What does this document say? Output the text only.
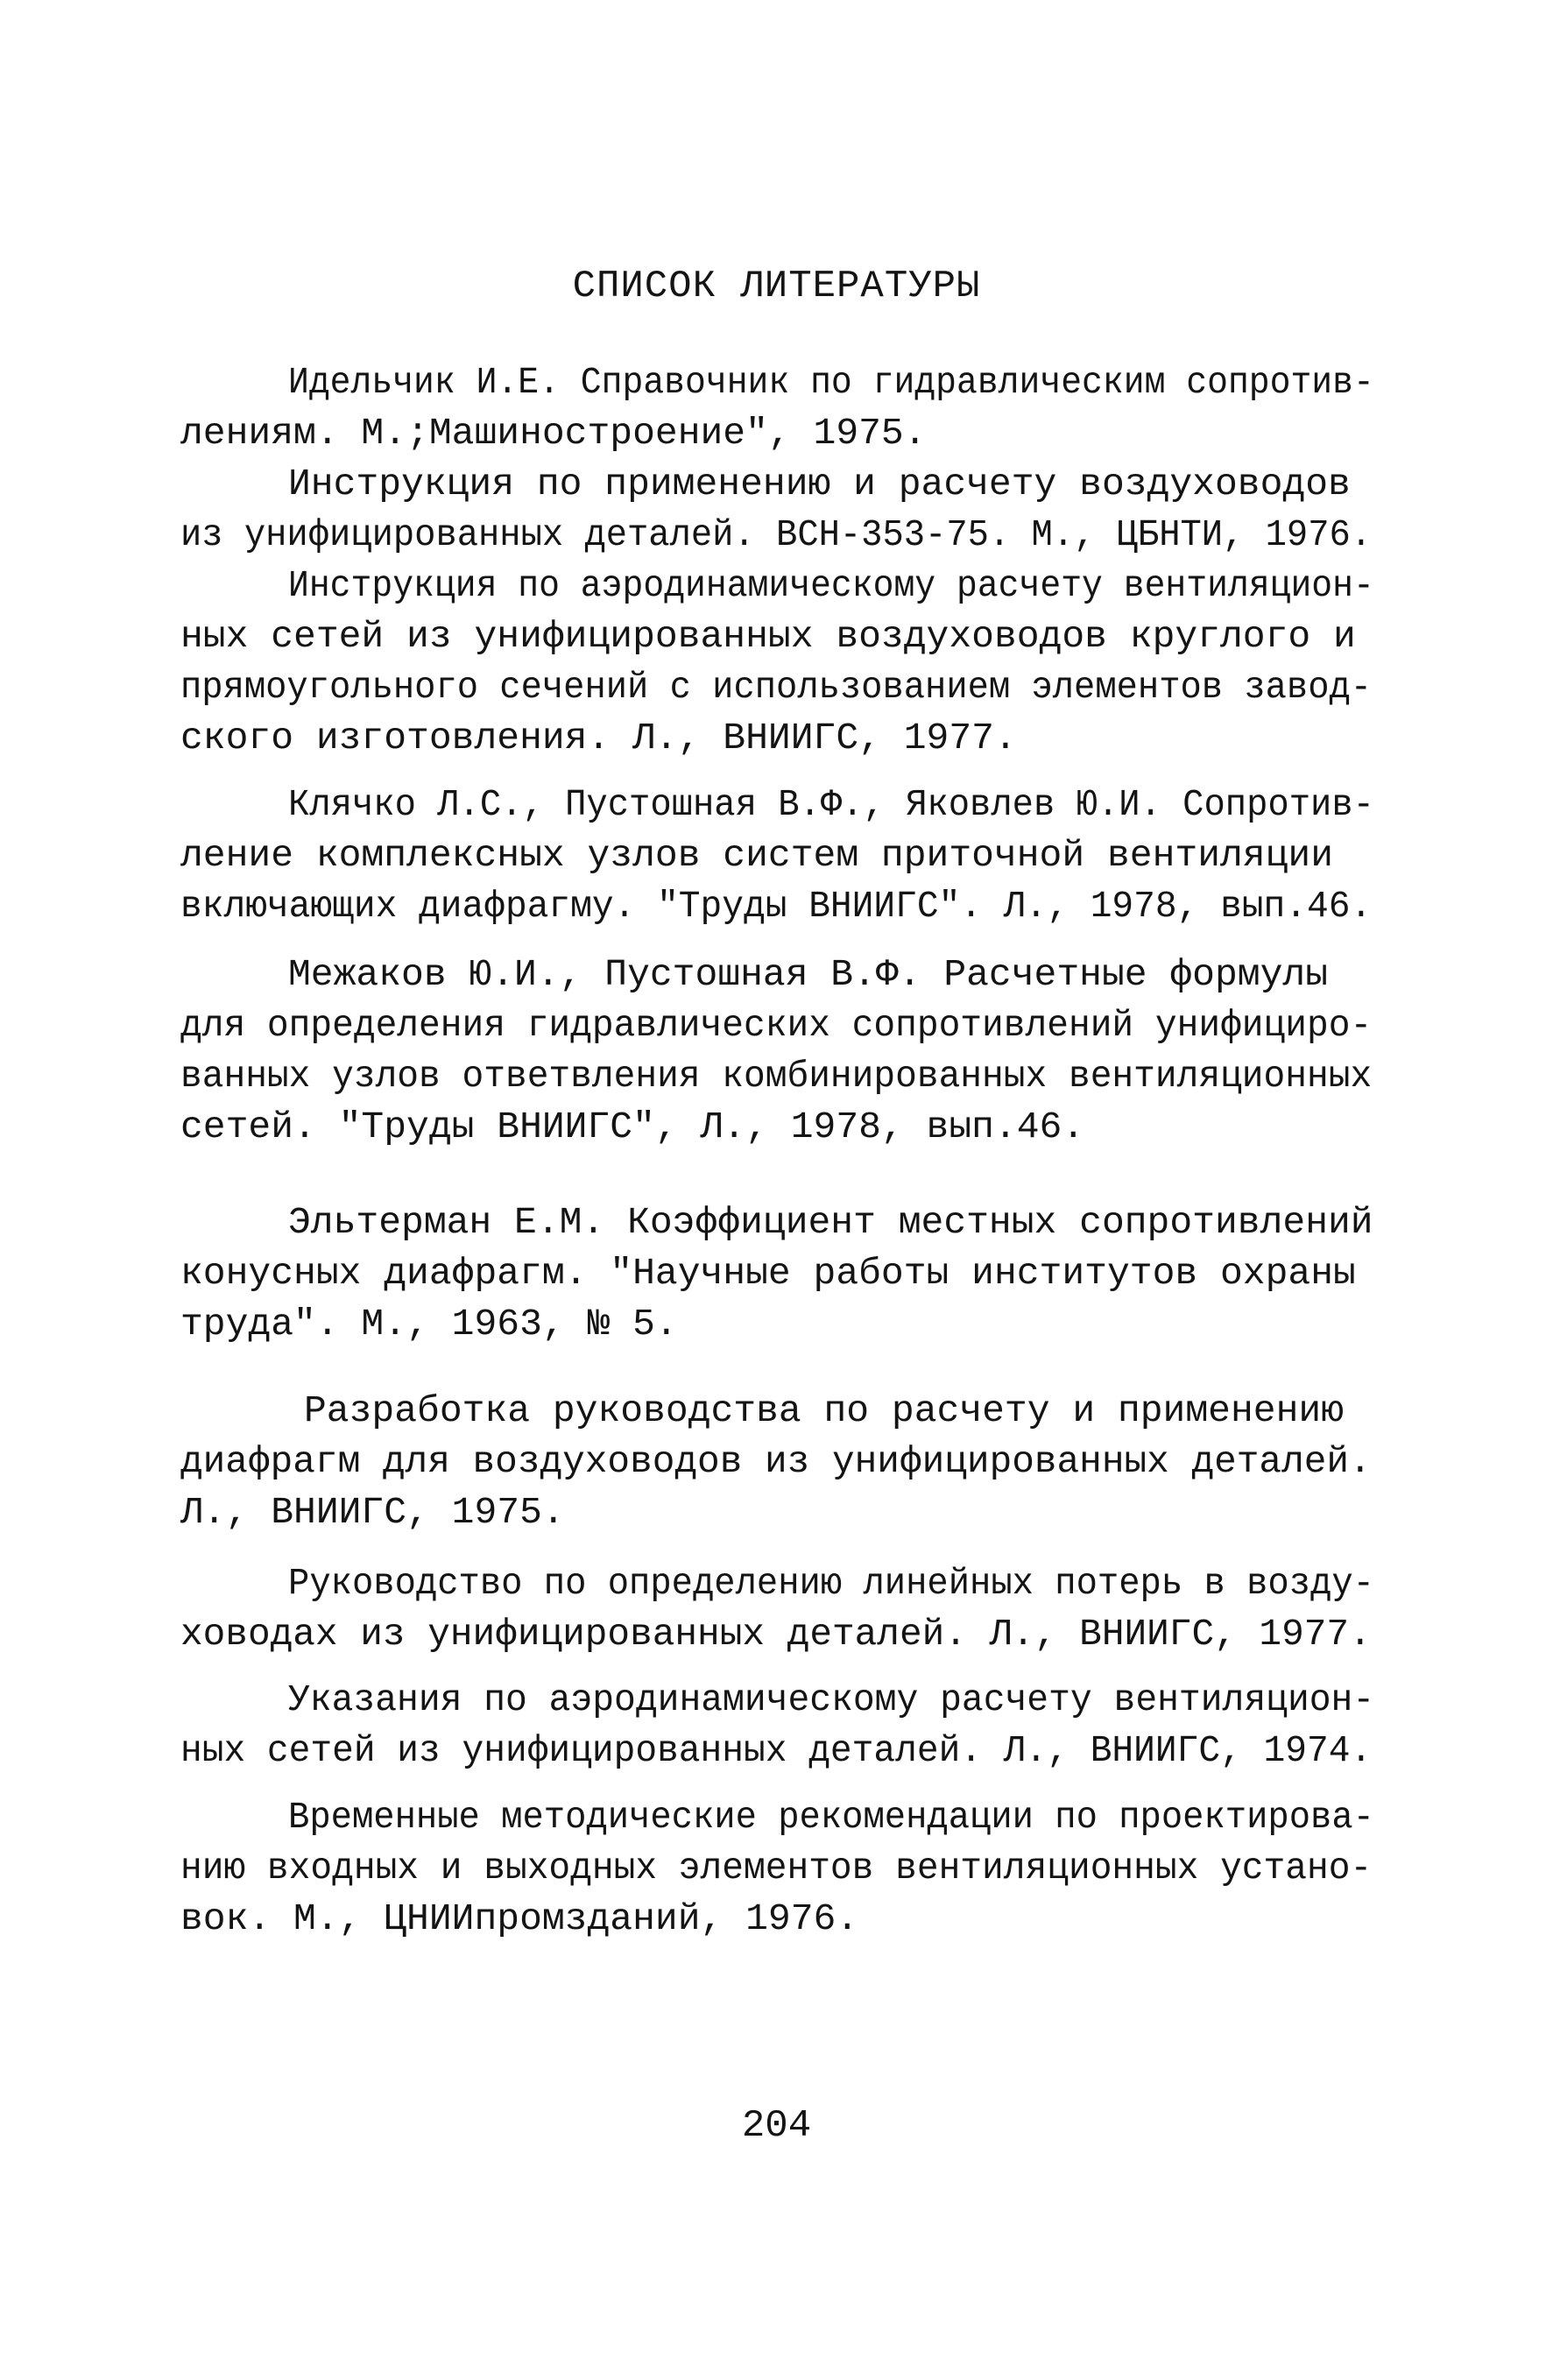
СПИСОК ЛИТЕРАТУРЫ
Идельчик И.Е. Справочник по гидравлическим сопротив-
лениям. М.;Машиностроение", 1975.
Инструкция по применению и расчету воздуховодов
из унифицированных деталей. ВСН-353-75. М., ЦБНТИ, 1976.
Инструкция по аэродинамическому расчету вентиляцион-
ных сетей из унифицированных воздуховодов круглого и
прямоугольного сечений с использованием элементов завод-
ского изготовления. Л., ВНИИГС, 1977.
Клячко Л.С., Пустошная В.Ф., Яковлев Ю.И. Сопротив-
ление комплексных узлов систем приточной вентиляции
включающих диафрагму. "Труды ВНИИГС". Л., 1978, вып.46.
Межаков Ю.И., Пустошная В.Ф. Расчетные формулы
для определения гидравлических сопротивлений унифициро-
ванных узлов ответвления комбинированных вентиляционных
сетей. "Труды ВНИИГС", Л., 1978, вып.46.
Эльтерман Е.М. Коэффициент местных сопротивлений
конусных диафрагм. "Научные работы институтов охраны
труда". М., 1963, № 5.
Разработка руководства по расчету и применению
диафрагм для воздуховодов из унифицированных деталей.
Л., ВНИИГС, 1975.
Руководство по определению линейных потерь в возду-
ховодах из унифицированных деталей. Л., ВНИИГС, 1977.
Указания по аэродинамическому расчету вентиляцион-
ных сетей из унифицированных деталей. Л., ВНИИГС, 1974.
Временные методические рекомендации по проектирова-
нию входных и выходных элементов вентиляционных устано-
вок. М., ЦНИИпромзданий, 1976.
204
